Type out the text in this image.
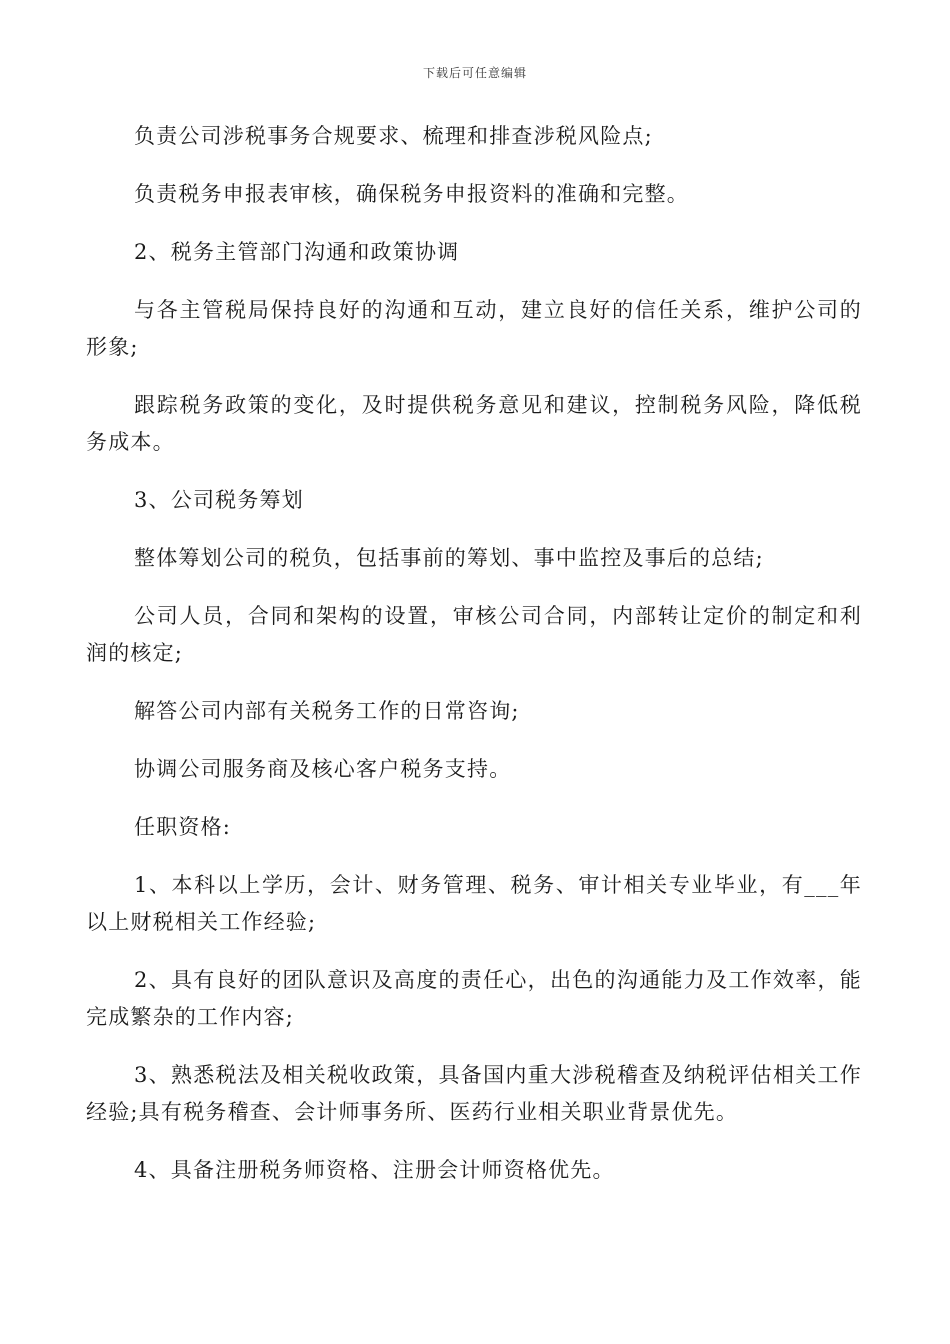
下载后可任意编辑

负责公司涉税事务合规要求、梳理和排查涉税风险点;

负责税务申报表审核，确保税务申报资料的准确和完整。

2、税务主管部门沟通和政策协调

与各主管税局保持良好的沟通和互动，建立良好的信任关系，维护公司的形象;

跟踪税务政策的变化，及时提供税务意见和建议，控制税务风险，降低税务成本。

3、公司税务筹划

整体筹划公司的税负，包括事前的筹划、事中监控及事后的总结;

公司人员，合同和架构的设置，审核公司合同，内部转让定价的制定和利润的核定;

解答公司内部有关税务工作的日常咨询;

协调公司服务商及核心客户税务支持。

任职资格:

1、本科以上学历，会计、财务管理、税务、审计相关专业毕业，有___年以上财税相关工作经验;

2、具有良好的团队意识及高度的责任心，出色的沟通能力及工作效率，能完成繁杂的工作内容;

3、熟悉税法及相关税收政策，具备国内重大涉税稽查及纳税评估相关工作经验;具有税务稽查、会计师事务所、医药行业相关职业背景优先。

4、具备注册税务师资格、注册会计师资格优先。
